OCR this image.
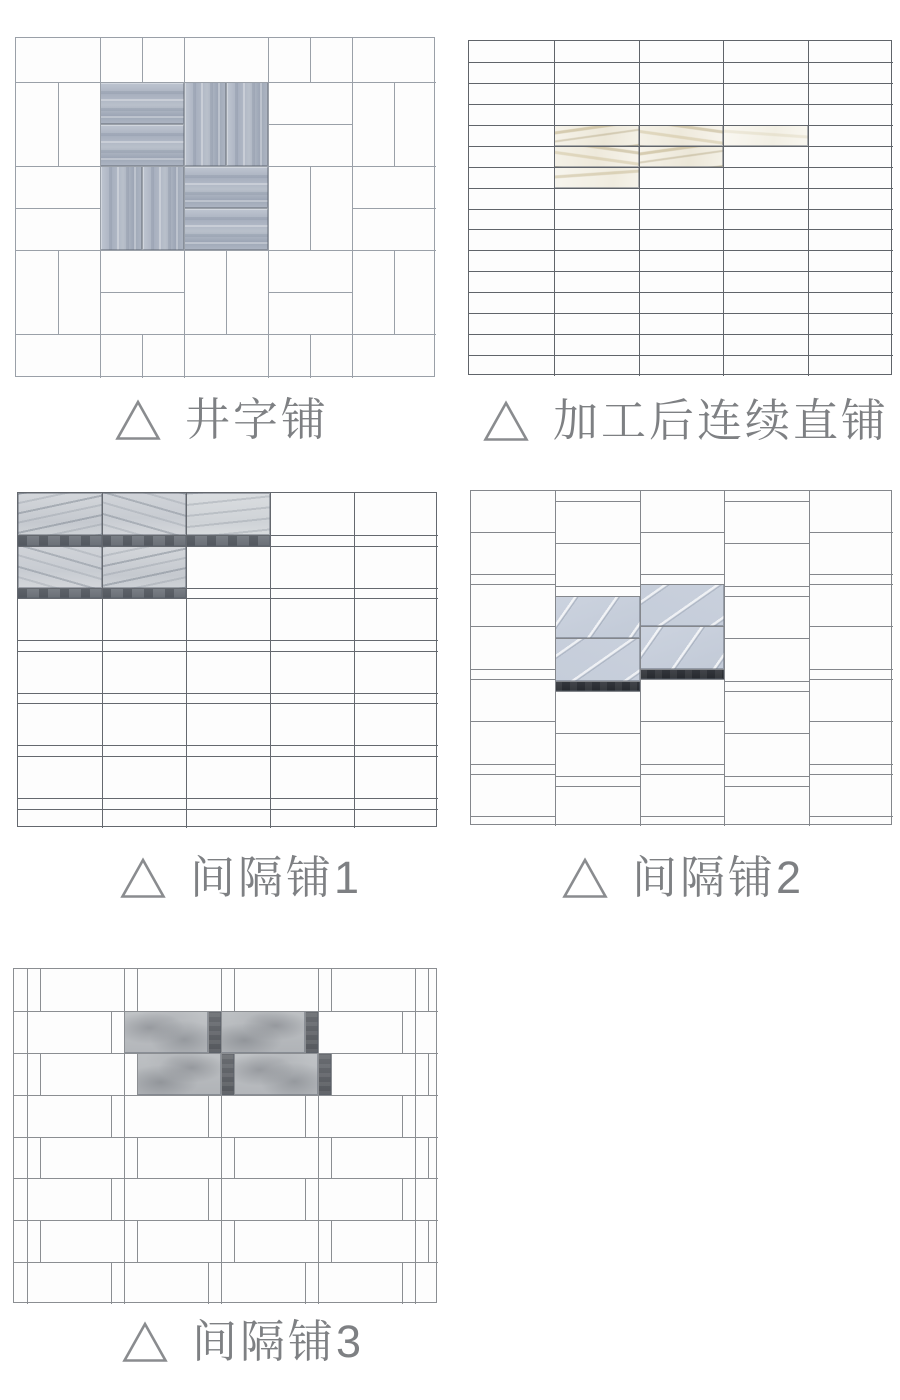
井字铺	加工后连续直铺
间隔铺1	间隔铺2
间隔铺3
